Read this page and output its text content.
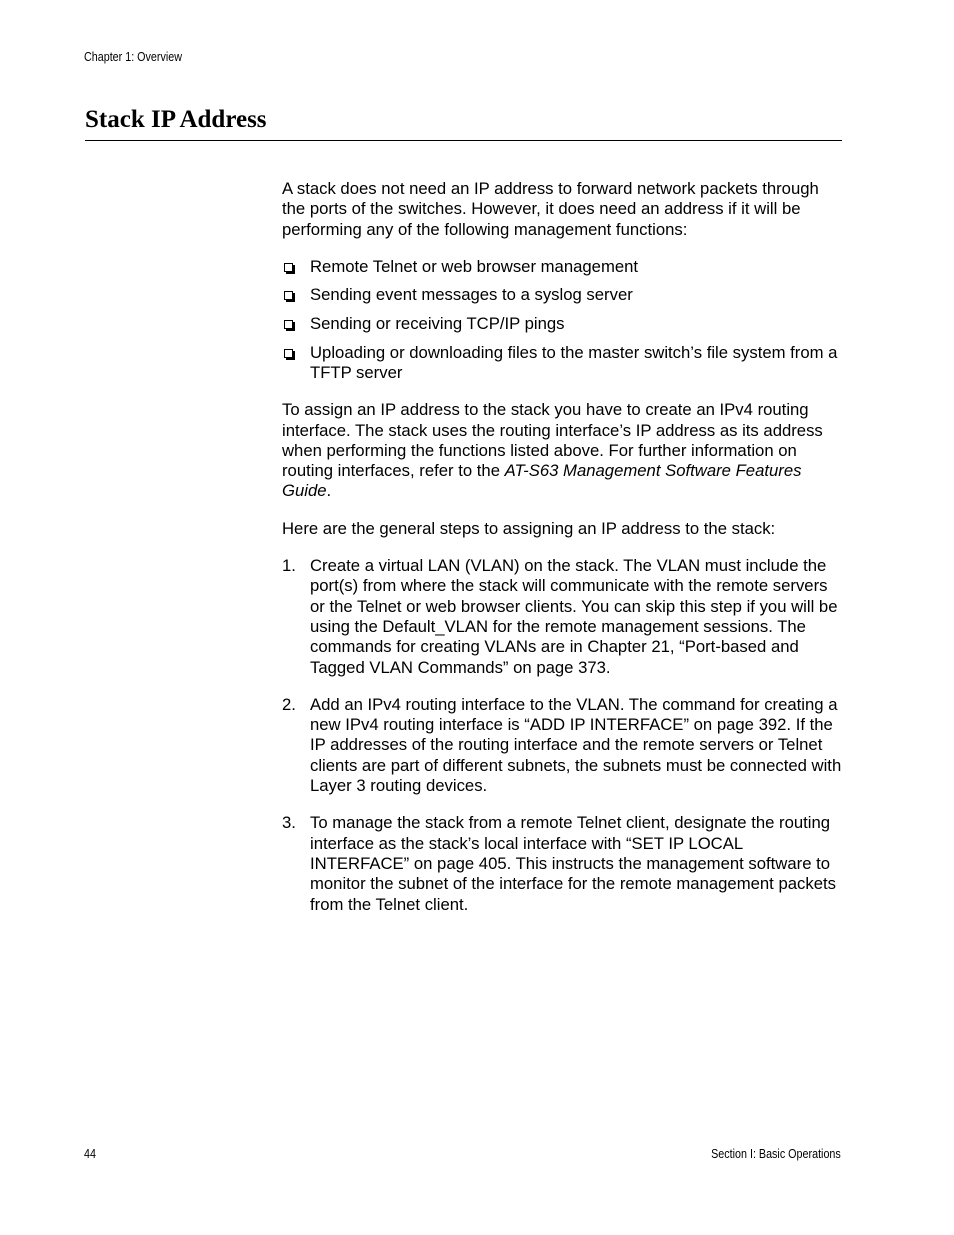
Chapter 1: Overview
Stack IP Address

A stack does not need an IP address to forward network packets through the ports of the switches. However, it does need an address if it will be performing any of the following management functions:

Remote Telnet or web browser management
Sending event messages to a syslog server
Sending or receiving TCP/IP pings
Uploading or downloading files to the master switch’s file system from a TFTP server

To assign an IP address to the stack you have to create an IPv4 routing interface. The stack uses the routing interface’s IP address as its address when performing the functions listed above. For further information on routing interfaces, refer to the AT-S63 Management Software Features Guide.

Here are the general steps to assigning an IP address to the stack:

1. Create a virtual LAN (VLAN) on the stack. The VLAN must include the port(s) from where the stack will communicate with the remote servers or the Telnet or web browser clients. You can skip this step if you will be using the Default_VLAN for the remote management sessions. The commands for creating VLANs are in Chapter 21, “Port-based and Tagged VLAN Commands” on page 373.
2. Add an IPv4 routing interface to the VLAN. The command for creating a new IPv4 routing interface is “ADD IP INTERFACE” on page 392. If the IP addresses of the routing interface and the remote servers or Telnet clients are part of different subnets, the subnets must be connected with Layer 3 routing devices.
3. To manage the stack from a remote Telnet client, designate the routing interface as the stack’s local interface with “SET IP LOCAL INTERFACE” on page 405. This instructs the management software to monitor the subnet of the interface for the remote management packets from the Telnet client.
44	Section I: Basic Operations
